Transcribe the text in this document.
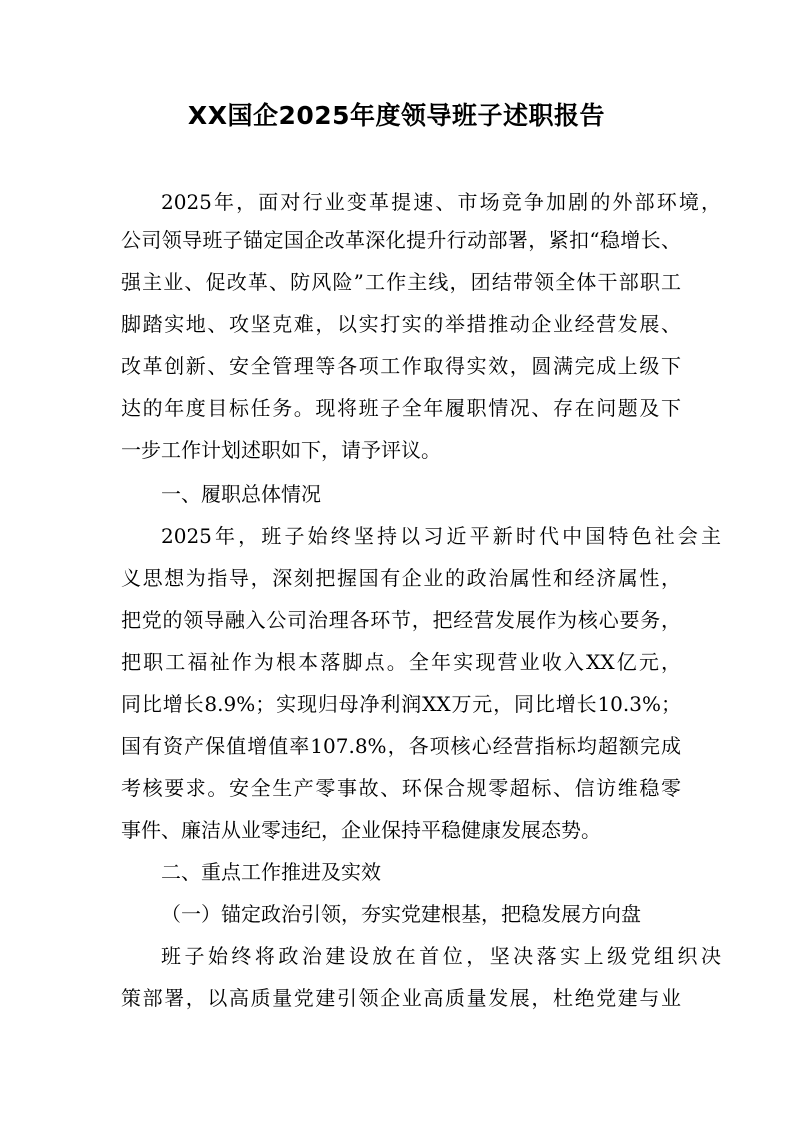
XX国企2025年度领导班子述职报告
2025年，面对行业变革提速、市场竞争加剧的外部环境，
公司领导班子锚定国企改革深化提升行动部署，紧扣“稳增长、
强主业、促改革、防风险”工作主线，团结带领全体干部职工
脚踏实地、攻坚克难，以实打实的举措推动企业经营发展、
改革创新、安全管理等各项工作取得实效，圆满完成上级下
达的年度目标任务。现将班子全年履职情况、存在问题及下
一步工作计划述职如下，请予评议。
一、履职总体情况
2025年，班子始终坚持以习近平新时代中国特色社会主
义思想为指导，深刻把握国有企业的政治属性和经济属性，
把党的领导融入公司治理各环节，把经营发展作为核心要务，
把职工福祉作为根本落脚点。全年实现营业收入XX亿元，
同比增长8.9%；实现归母净利润XX万元，同比增长10.3%；
国有资产保值增值率107.8%，各项核心经营指标均超额完成
考核要求。安全生产零事故、环保合规零超标、信访维稳零
事件、廉洁从业零违纪，企业保持平稳健康发展态势。
二、重点工作推进及实效
（一）锚定政治引领，夯实党建根基，把稳发展方向盘
班子始终将政治建设放在首位，坚决落实上级党组织决
策部署，以高质量党建引领企业高质量发展，杜绝党建与业
